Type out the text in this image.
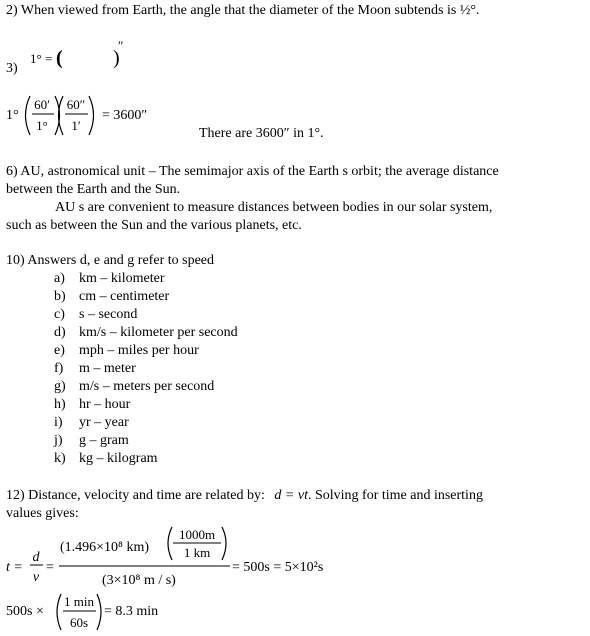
2) When viewed from Earth, the angle that the diameter of the Moon subtends is ½°.
3)
1° = (	)
″
1°
60′
1°
60″
1′
= 3600″
There are 3600″ in 1°.
6) AU, astronomical unit – The semimajor axis of the Earth s orbit; the average distance
between the Earth and the Sun.
AU s are convenient to measure distances between bodies in our solar system,
such as between the Sun and the various planets, etc.
10) Answers d, e and g refer to speed
a) km – kilometer
b) cm – centimeter
c) s – second
d) km/s – kilometer per second
e) mph – miles per hour
f) m – meter
g) m/s – meters per second
h) hr – hour
i) yr – year
j) g – gram
k) kg – kilogram
12) Distance, velocity and time are related by: d = vt. Solving for time and inserting
values gives:
t =
d
v
=
(1.496×10⁸ km)
1000m
1 km
(3×10⁸ m / s)
= 500s = 5×10²s
500s ×
1 min
60s
= 8.3 min
